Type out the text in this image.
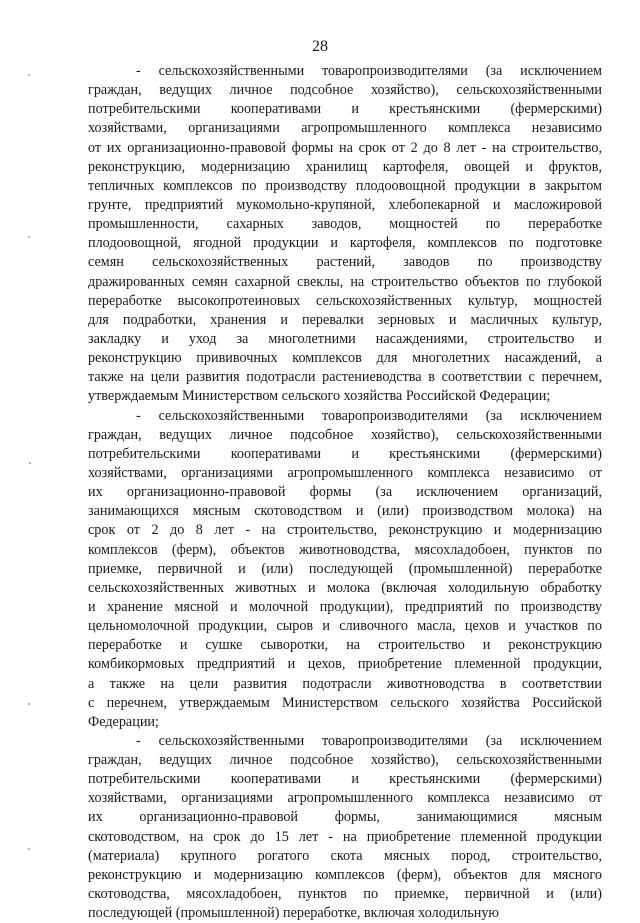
28
- сельскохозяйственными товаропроизводителями (за исключением
граждан, ведущих личное подсобное хозяйство), сельскохозяйственными
потребительскими кооперативами и крестьянскими (фермерскими)
хозяйствами, организациями агропромышленного комплекса независимо
от их организационно-правовой формы на срок от 2 до 8 лет - на строительство,
реконструкцию, модернизацию хранилищ картофеля, овощей и фруктов,
тепличных комплексов по производству плодоовощной продукции в закрытом
грунте, предприятий мукомольно-крупяной, хлебопекарной и масложировой
промышленности, сахарных заводов, мощностей по переработке
плодоовощной, ягодной продукции и картофеля, комплексов по подготовке
семян сельскохозяйственных растений, заводов по производству
дражированных семян сахарной свеклы, на строительство объектов по глубокой
переработке высокопротеиновых сельскохозяйственных культур, мощностей
для подработки, хранения и перевалки зерновых и масличных культур,
закладку и уход за многолетними насаждениями, строительство и
реконструкцию прививочных комплексов для многолетних насаждений, а
также на цели развития подотрасли растениеводства в соответствии с перечнем,
утверждаемым Министерством сельского хозяйства Российской Федерации;
- сельскохозяйственными товаропроизводителями (за исключением
граждан, ведущих личное подсобное хозяйство), сельскохозяйственными
потребительскими кооперативами и крестьянскими (фермерскими)
хозяйствами, организациями агропромышленного комплекса независимо от
их организационно-правовой формы (за исключением организаций,
занимающихся мясным скотоводством и (или) производством молока) на
срок от 2 до 8 лет - на строительство, реконструкцию и модернизацию
комплексов (ферм), объектов животноводства, мясохладобоен, пунктов по
приемке, первичной и (или) последующей (промышленной) переработке
сельскохозяйственных животных и молока (включая холодильную обработку
и хранение мясной и молочной продукции), предприятий по производству
цельномолочной продукции, сыров и сливочного масла, цехов и участков по
переработке и сушке сыворотки, на строительство и реконструкцию
комбикормовых предприятий и цехов, приобретение племенной продукции,
а также на цели развития подотрасли животноводства в соответствии
с перечнем, утверждаемым Министерством сельского хозяйства Российской
Федерации;
- сельскохозяйственными товаропроизводителями (за исключением
граждан, ведущих личное подсобное хозяйство), сельскохозяйственными
потребительскими кооперативами и крестьянскими (фермерскими)
хозяйствами, организациями агропромышленного комплекса независимо от
их организационно-правовой формы, занимающимися мясным
скотоводством, на срок до 15 лет - на приобретение племенной продукции
(материала) крупного рогатого скота мясных пород, строительство,
реконструкцию и модернизацию комплексов (ферм), объектов для мясного
скотоводства, мясохладобоен, пунктов по приемке, первичной и (или)
последующей (промышленной) переработке, включая холодильную
